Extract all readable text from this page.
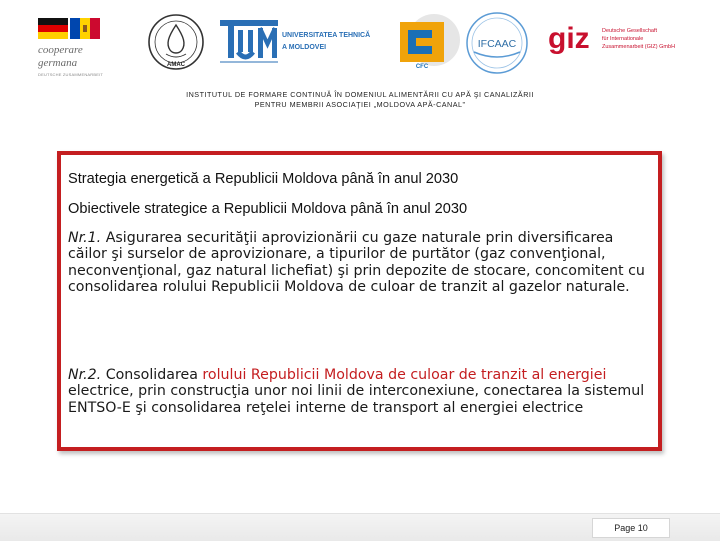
cooperare
germana
DEUTSCHE ZUSAMMENARBEIT
AMAC
UNIVERSITATEA TEHNICĂ
A MOLDOVEI
CFC
IFCAAC giz Deutsche Gesellschaft
für Internationale
Zusammenarbeit (GIZ) GmbH
INSTITUTUL DE FORMARE CONTINUĂ ÎN DOMENIUL ALIMENTĂRII CU APĂ ŞI CANALIZĂRII
PENTRU MEMBRII ASOCIAŢIEI „MOLDOVA APĂ-CANAL”
Strategia energetică a Republicii Moldova până în anul 2030
Obiectivele strategice a Republicii Moldova până în anul 2030
Nr.1. Asigurarea securităţii aprovizionării cu gaze naturale prin diversificarea căilor şi surselor de aprovizionare, a tipurilor de purtător (gaz convenţional, neconvenţional, gaz natural lichefiat) şi prin depozite de stocare, concomitent cu consolidarea rolului Republicii Moldova de culoar de tranzit al gazelor naturale.
Nr.2. Consolidarea rolului Republicii Moldova de culoar de tranzit al energiei electrice, prin construcţia unor noi linii de interconexiune, conectarea la sistemul ENTSO-E şi consolidarea reţelei interne de transport al energiei electrice
Page 10
